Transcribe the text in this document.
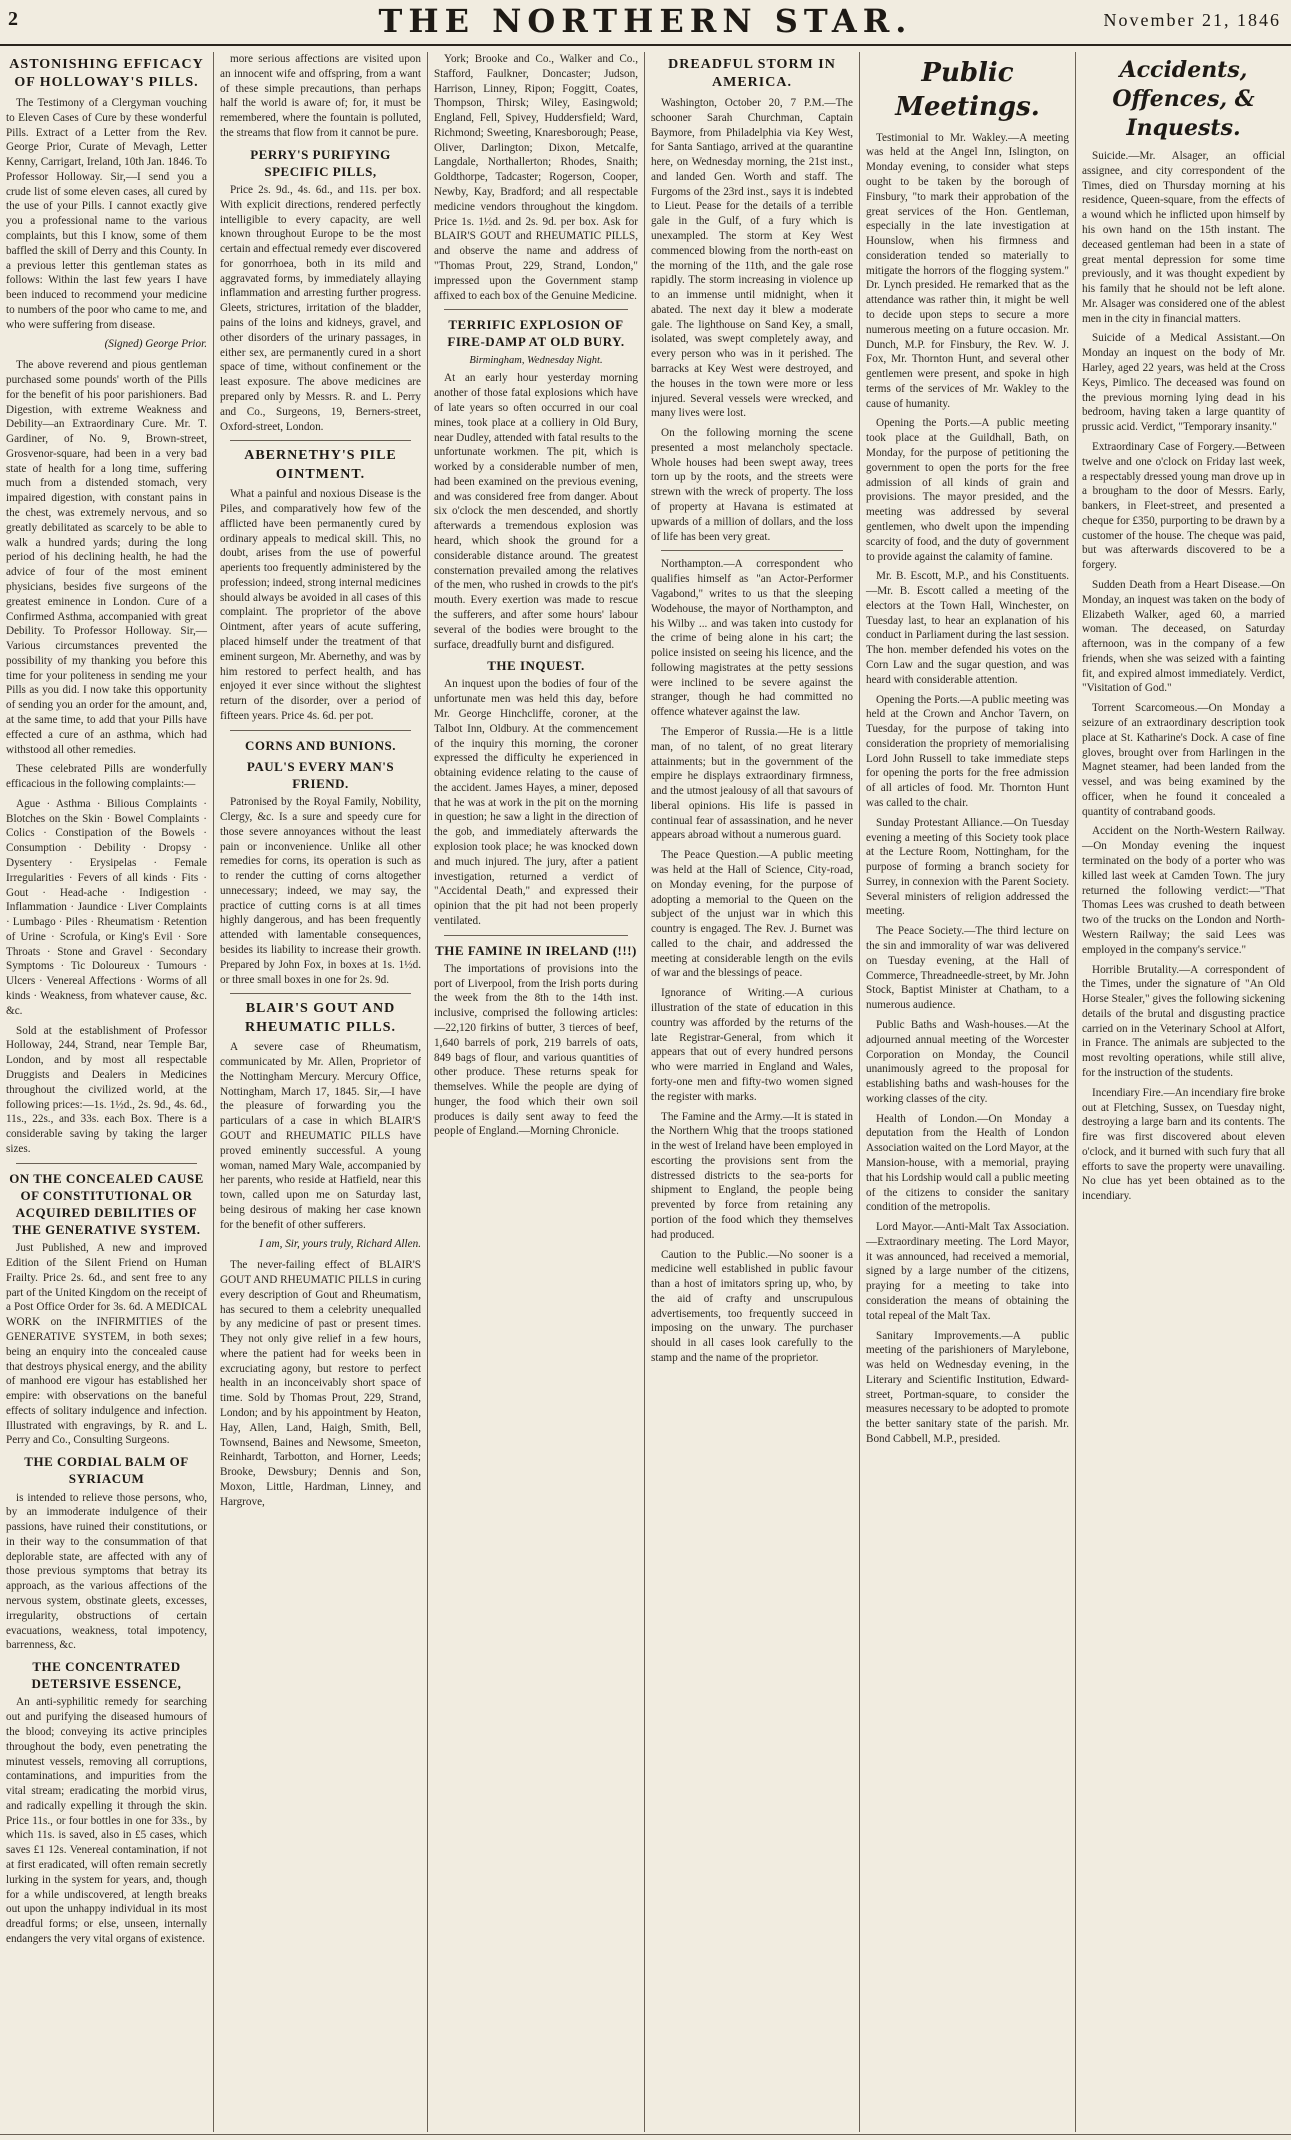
2	THE NORTHERN STAR.	November 21, 1846
ASTONISHING EFFICACY OF HOLLOWAY'S PILLS.

The Testimony of a Clergyman vouching to Eleven Cases of Cure by these wonderful Pills. Extract of a Letter from the Rev. George Prior, Curate of Mevagh, Letter Kenny, Carrigart, Ireland, 10th Jan. 1846. To Professor Holloway. Sir,—I send you a crude list of some eleven cases, all cured by the use of your Pills. I cannot exactly give you a professional name to the various complaints, but this I know, some of them baffled the skill of Derry and this County. In a previous letter this gentleman states as follows: Within the last few years I have been induced to recommend your medicine to numbers of the poor who came to me, and who were suffering from disease.

(Signed) George Prior.

The above reverend and pious gentleman purchased some pounds' worth of the Pills for the benefit of his poor parishioners. Bad Digestion, with extreme Weakness and Debility—an Extraordinary Cure. Mr. T. Gardiner, of No. 9, Brown-street, Grosvenor-square, had been in a very bad state of health for a long time, suffering much from a distended stomach, very impaired digestion, with constant pains in the chest, was extremely nervous, and so greatly debilitated as scarcely to be able to walk a hundred yards; during the long period of his declining health, he had the advice of four of the most eminent physicians, besides five surgeons of the greatest eminence in London. Cure of a Confirmed Asthma, accompanied with great Debility. To Professor Holloway. Sir,—Various circumstances prevented the possibility of my thanking you before this time for your politeness in sending me your Pills as you did. I now take this opportunity of sending you an order for the amount, and, at the same time, to add that your Pills have effected a cure of an asthma, which had withstood all other remedies.

These celebrated Pills are wonderfully efficacious in the following complaints:—

Ague · Asthma · Bilious Complaints · Blotches on the Skin · Bowel Complaints · Colics · Constipation of the Bowels · Consumption · Debility · Dropsy · Dysentery · Erysipelas · Female Irregularities · Fevers of all kinds · Fits · Gout · Head-ache · Indigestion · Inflammation · Jaundice · Liver Complaints · Lumbago · Piles · Rheumatism · Retention of Urine · Scrofula, or King's Evil · Sore Throats · Stone and Gravel · Secondary Symptoms · Tic Doloureux · Tumours · Ulcers · Venereal Affections · Worms of all kinds · Weakness, from whatever cause, &c. &c.

Sold at the establishment of Professor Holloway, 244, Strand, near Temple Bar, London, and by most all respectable Druggists and Dealers in Medicines throughout the civilized world, at the following prices:—1s. 1½d., 2s. 9d., 4s. 6d., 11s., 22s., and 33s. each Box. There is a considerable saving by taking the larger sizes.

ON THE CONCEALED CAUSE OF CONSTITUTIONAL OR ACQUIRED DEBILITIES OF THE GENERATIVE SYSTEM.

Just Published, A new and improved Edition of the Silent Friend on Human Frailty. Price 2s. 6d., and sent free to any part of the United Kingdom on the receipt of a Post Office Order for 3s. 6d. A MEDICAL WORK on the INFIRMITIES of the GENERATIVE SYSTEM, in both sexes; being an enquiry into the concealed cause that destroys physical energy, and the ability of manhood ere vigour has established her empire: with observations on the baneful effects of solitary indulgence and infection. Illustrated with engravings, by R. and L. Perry and Co., Consulting Surgeons.

THE CORDIAL BALM OF SYRIACUM

is intended to relieve those persons, who, by an immoderate indulgence of their passions, have ruined their constitutions, or in their way to the consummation of that deplorable state, are affected with any of those previous symptoms that betray its approach, as the various affections of the nervous system, obstinate gleets, excesses, irregularity, obstructions of certain evacuations, weakness, total impotency, barrenness, &c.

THE CONCENTRATED DETERSIVE ESSENCE,

An anti-syphilitic remedy for searching out and purifying the diseased humours of the blood; conveying its active principles throughout the body, even penetrating the minutest vessels, removing all corruptions, contaminations, and impurities from the vital stream; eradicating the morbid virus, and radically expelling it through the skin. Price 11s., or four bottles in one for 33s., by which 11s. is saved, also in £5 cases, which saves £1 12s. Venereal contamination, if not at first eradicated, will often remain secretly lurking in the system for years, and, though for a while undiscovered, at length breaks out upon the unhappy individual in its most dreadful forms; or else, unseen, internally endangers the very vital organs of existence.

more serious affections are visited upon an innocent wife and offspring, from a want of these simple precautions, than perhaps half the world is aware of; for, it must be remembered, where the fountain is polluted, the streams that flow from it cannot be pure.

PERRY'S PURIFYING SPECIFIC PILLS,

Price 2s. 9d., 4s. 6d., and 11s. per box. With explicit directions, rendered perfectly intelligible to every capacity, are well known throughout Europe to be the most certain and effectual remedy ever discovered for gonorrhoea, both in its mild and aggravated forms, by immediately allaying inflammation and arresting further progress. Gleets, strictures, irritation of the bladder, pains of the loins and kidneys, gravel, and other disorders of the urinary passages, in either sex, are permanently cured in a short space of time, without confinement or the least exposure. The above medicines are prepared only by Messrs. R. and L. Perry and Co., Surgeons, 19, Berners-street, Oxford-street, London.

ABERNETHY'S PILE OINTMENT.

What a painful and noxious Disease is the Piles, and comparatively how few of the afflicted have been permanently cured by ordinary appeals to medical skill. This, no doubt, arises from the use of powerful aperients too frequently administered by the profession; indeed, strong internal medicines should always be avoided in all cases of this complaint. The proprietor of the above Ointment, after years of acute suffering, placed himself under the treatment of that eminent surgeon, Mr. Abernethy, and was by him restored to perfect health, and has enjoyed it ever since without the slightest return of the disorder, over a period of fifteen years. Price 4s. 6d. per pot.

CORNS AND BUNIONS.
PAUL'S EVERY MAN'S FRIEND.

Patronised by the Royal Family, Nobility, Clergy, &c. Is a sure and speedy cure for those severe annoyances without the least pain or inconvenience. Unlike all other remedies for corns, its operation is such as to render the cutting of corns altogether unnecessary; indeed, we may say, the practice of cutting corns is at all times highly dangerous, and has been frequently attended with lamentable consequences, besides its liability to increase their growth. Prepared by John Fox, in boxes at 1s. 1½d. or three small boxes in one for 2s. 9d.

BLAIR'S GOUT AND RHEUMATIC PILLS.

A severe case of Rheumatism, communicated by Mr. Allen, Proprietor of the Nottingham Mercury. Mercury Office, Nottingham, March 17, 1845. Sir,—I have the pleasure of forwarding you the particulars of a case in which BLAIR'S GOUT and RHEUMATIC PILLS have proved eminently successful. A young woman, named Mary Wale, accompanied by her parents, who reside at Hatfield, near this town, called upon me on Saturday last, being desirous of making her case known for the benefit of other sufferers.

I am, Sir, yours truly, Richard Allen.

The never-failing effect of BLAIR'S GOUT AND RHEUMATIC PILLS in curing every description of Gout and Rheumatism, has secured to them a celebrity unequalled by any medicine of past or present times. They not only give relief in a few hours, where the patient had for weeks been in excruciating agony, but restore to perfect health in an inconceivably short space of time. Sold by Thomas Prout, 229, Strand, London; and by his appointment by Heaton, Hay, Allen, Land, Haigh, Smith, Bell, Townsend, Baines and Newsome, Smeeton, Reinhardt, Tarbotton, and Horner, Leeds; Brooke, Dewsbury; Dennis and Son, Moxon, Little, Hardman, Linney, and Hargrove,

York; Brooke and Co., Walker and Co., Stafford, Faulkner, Doncaster; Judson, Harrison, Linney, Ripon; Foggitt, Coates, Thompson, Thirsk; Wiley, Easingwold; England, Fell, Spivey, Huddersfield; Ward, Richmond; Sweeting, Knaresborough; Pease, Oliver, Darlington; Dixon, Metcalfe, Langdale, Northallerton; Rhodes, Snaith; Goldthorpe, Tadcaster; Rogerson, Cooper, Newby, Kay, Bradford; and all respectable medicine vendors throughout the kingdom. Price 1s. 1½d. and 2s. 9d. per box. Ask for BLAIR'S GOUT and RHEUMATIC PILLS, and observe the name and address of "Thomas Prout, 229, Strand, London," impressed upon the Government stamp affixed to each box of the Genuine Medicine.

TERRIFIC EXPLOSION OF FIRE-DAMP AT OLD BURY.
Birmingham, Wednesday Night.

At an early hour yesterday morning another of those fatal explosions which have of late years so often occurred in our coal mines, took place at a colliery in Old Bury, near Dudley, attended with fatal results to the unfortunate workmen. The pit, which is worked by a considerable number of men, had been examined on the previous evening, and was considered free from danger. About six o'clock the men descended, and shortly afterwards a tremendous explosion was heard, which shook the ground for a considerable distance around. The greatest consternation prevailed among the relatives of the men, who rushed in crowds to the pit's mouth. Every exertion was made to rescue the sufferers, and after some hours' labour several of the bodies were brought to the surface, dreadfully burnt and disfigured.

THE INQUEST.

An inquest upon the bodies of four of the unfortunate men was held this day, before Mr. George Hinchcliffe, coroner, at the Talbot Inn, Oldbury. At the commencement of the inquiry this morning, the coroner expressed the difficulty he experienced in obtaining evidence relating to the cause of the accident. James Hayes, a miner, deposed that he was at work in the pit on the morning in question; he saw a light in the direction of the gob, and immediately afterwards the explosion took place; he was knocked down and much injured. The jury, after a patient investigation, returned a verdict of "Accidental Death," and expressed their opinion that the pit had not been properly ventilated.

THE FAMINE IN IRELAND (!!!)

The importations of provisions into the port of Liverpool, from the Irish ports during the week from the 8th to the 14th inst. inclusive, comprised the following articles:—22,120 firkins of butter, 3 tierces of beef, 1,640 barrels of pork, 219 barrels of oats, 849 bags of flour, and various quantities of other produce. These returns speak for themselves. While the people are dying of hunger, the food which their own soil produces is daily sent away to feed the people of England.—Morning Chronicle.

DREADFUL STORM IN AMERICA.

Washington, October 20, 7 P.M.—The schooner Sarah Churchman, Captain Baymore, from Philadelphia via Key West, for Santa Santiago, arrived at the quarantine here, on Wednesday morning, the 21st inst., and landed Gen. Worth and staff. The Furgoms of the 23rd inst., says it is indebted to Lieut. Pease for the details of a terrible gale in the Gulf, of a fury which is unexampled. The storm at Key West commenced blowing from the north-east on the morning of the 11th, and the gale rose rapidly. The storm increasing in violence up to an immense until midnight, when it abated. The next day it blew a moderate gale. The lighthouse on Sand Key, a small, isolated, was swept completely away, and every person who was in it perished. The barracks at Key West were destroyed, and the houses in the town were more or less injured. Several vessels were wrecked, and many lives were lost.

On the following morning the scene presented a most melancholy spectacle. Whole houses had been swept away, trees torn up by the roots, and the streets were strewn with the wreck of property. The loss of property at Havana is estimated at upwards of a million of dollars, and the loss of life has been very great.

Northampton.—A correspondent who qualifies himself as "an Actor-Performer Vagabond," writes to us that the sleeping Wodehouse, the mayor of Northampton, and his Wilby ... and was taken into custody for the crime of being alone in his cart; the police insisted on seeing his licence, and the following magistrates at the petty sessions were inclined to be severe against the stranger, though he had committed no offence whatever against the law.

The Emperor of Russia.—He is a little man, of no talent, of no great literary attainments; but in the government of the empire he displays extraordinary firmness, and the utmost jealousy of all that savours of liberal opinions. His life is passed in continual fear of assassination, and he never appears abroad without a numerous guard.

The Peace Question.—A public meeting was held at the Hall of Science, City-road, on Monday evening, for the purpose of adopting a memorial to the Queen on the subject of the unjust war in which this country is engaged. The Rev. J. Burnet was called to the chair, and addressed the meeting at considerable length on the evils of war and the blessings of peace.

Ignorance of Writing.—A curious illustration of the state of education in this country was afforded by the returns of the late Registrar-General, from which it appears that out of every hundred persons who were married in England and Wales, forty-one men and fifty-two women signed the register with marks.

The Famine and the Army.—It is stated in the Northern Whig that the troops stationed in the west of Ireland have been employed in escorting the provisions sent from the distressed districts to the sea-ports for shipment to England, the people being prevented by force from retaining any portion of the food which they themselves had produced.

Caution to the Public.—No sooner is a medicine well established in public favour than a host of imitators spring up, who, by the aid of crafty and unscrupulous advertisements, too frequently succeed in imposing on the unwary. The purchaser should in all cases look carefully to the stamp and the name of the proprietor.

Public Meetings.

Testimonial to Mr. Wakley.—A meeting was held at the Angel Inn, Islington, on Monday evening, to consider what steps ought to be taken by the borough of Finsbury, "to mark their approbation of the great services of the Hon. Gentleman, especially in the late investigation at Hounslow, when his firmness and consideration tended so materially to mitigate the horrors of the flogging system." Dr. Lynch presided. He remarked that as the attendance was rather thin, it might be well to decide upon steps to secure a more numerous meeting on a future occasion. Mr. Dunch, M.P. for Finsbury, the Rev. W. J. Fox, Mr. Thornton Hunt, and several other gentlemen were present, and spoke in high terms of the services of Mr. Wakley to the cause of humanity.

Opening the Ports.—A public meeting took place at the Guildhall, Bath, on Monday, for the purpose of petitioning the government to open the ports for the free admission of all kinds of grain and provisions. The mayor presided, and the meeting was addressed by several gentlemen, who dwelt upon the impending scarcity of food, and the duty of government to provide against the calamity of famine.

Mr. B. Escott, M.P., and his Constituents.—Mr. B. Escott called a meeting of the electors at the Town Hall, Winchester, on Tuesday last, to hear an explanation of his conduct in Parliament during the last session. The hon. member defended his votes on the Corn Law and the sugar question, and was heard with considerable attention.

Opening the Ports.—A public meeting was held at the Crown and Anchor Tavern, on Tuesday, for the purpose of taking into consideration the propriety of memorialising Lord John Russell to take immediate steps for opening the ports for the free admission of all articles of food. Mr. Thornton Hunt was called to the chair.

Sunday Protestant Alliance.—On Tuesday evening a meeting of this Society took place at the Lecture Room, Nottingham, for the purpose of forming a branch society for Surrey, in connexion with the Parent Society. Several ministers of religion addressed the meeting.

The Peace Society.—The third lecture on the sin and immorality of war was delivered on Tuesday evening, at the Hall of Commerce, Threadneedle-street, by Mr. John Stock, Baptist Minister at Chatham, to a numerous audience.

Public Baths and Wash-houses.—At the adjourned annual meeting of the Worcester Corporation on Monday, the Council unanimously agreed to the proposal for establishing baths and wash-houses for the working classes of the city.

Health of London.—On Monday a deputation from the Health of London Association waited on the Lord Mayor, at the Mansion-house, with a memorial, praying that his Lordship would call a public meeting of the citizens to consider the sanitary condition of the metropolis.

Lord Mayor.—Anti-Malt Tax Association.—Extraordinary meeting. The Lord Mayor, it was announced, had received a memorial, signed by a large number of the citizens, praying for a meeting to take into consideration the means of obtaining the total repeal of the Malt Tax.

Sanitary Improvements.—A public meeting of the parishioners of Marylebone, was held on Wednesday evening, in the Literary and Scientific Institution, Edward-street, Portman-square, to consider the measures necessary to be adopted to promote the better sanitary state of the parish. Mr. Bond Cabbell, M.P., presided.

Accidents, Offences, & Inquests.

Suicide.—Mr. Alsager, an official assignee, and city correspondent of the Times, died on Thursday morning at his residence, Queen-square, from the effects of a wound which he inflicted upon himself by his own hand on the 15th instant. The deceased gentleman had been in a state of great mental depression for some time previously, and it was thought expedient by his family that he should not be left alone. Mr. Alsager was considered one of the ablest men in the city in financial matters.

Suicide of a Medical Assistant.—On Monday an inquest on the body of Mr. Harley, aged 22 years, was held at the Cross Keys, Pimlico. The deceased was found on the previous morning lying dead in his bedroom, having taken a large quantity of prussic acid. Verdict, "Temporary insanity."

Extraordinary Case of Forgery.—Between twelve and one o'clock on Friday last week, a respectably dressed young man drove up in a brougham to the door of Messrs. Early, bankers, in Fleet-street, and presented a cheque for £350, purporting to be drawn by a customer of the house. The cheque was paid, but was afterwards discovered to be a forgery.

Sudden Death from a Heart Disease.—On Monday, an inquest was taken on the body of Elizabeth Walker, aged 60, a married woman. The deceased, on Saturday afternoon, was in the company of a few friends, when she was seized with a fainting fit, and expired almost immediately. Verdict, "Visitation of God."

Torrent Scarcomeous.—On Monday a seizure of an extraordinary description took place at St. Katharine's Dock. A case of fine gloves, brought over from Harlingen in the Magnet steamer, had been landed from the vessel, and was being examined by the officer, when he found it concealed a quantity of contraband goods.

Accident on the North-Western Railway.—On Monday evening the inquest terminated on the body of a porter who was killed last week at Camden Town. The jury returned the following verdict:—"That Thomas Lees was crushed to death between two of the trucks on the London and North-Western Railway; the said Lees was employed in the company's service."

Horrible Brutality.—A correspondent of the Times, under the signature of "An Old Horse Stealer," gives the following sickening details of the brutal and disgusting practice carried on in the Veterinary School at Alfort, in France. The animals are subjected to the most revolting operations, while still alive, for the instruction of the students.

Incendiary Fire.—An incendiary fire broke out at Fletching, Sussex, on Tuesday night, destroying a large barn and its contents. The fire was first discovered about eleven o'clock, and it burned with such fury that all efforts to save the property were unavailing. No clue has yet been obtained as to the incendiary.
